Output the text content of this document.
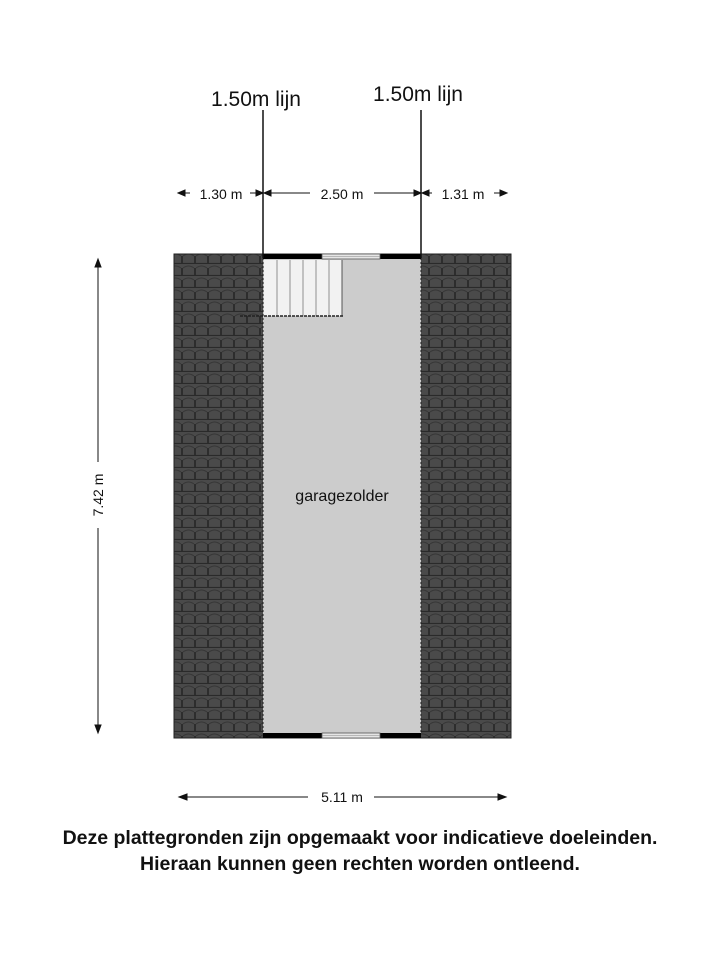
1.50m lijn	1.50m lijn
1.30 m	2.50 m	1.31 m
7.42 m
5.11 m
garagezolder
Deze plattegronden zijn opgemaakt voor indicatieve doeleinden.
Hieraan kunnen geen rechten worden ontleend.
